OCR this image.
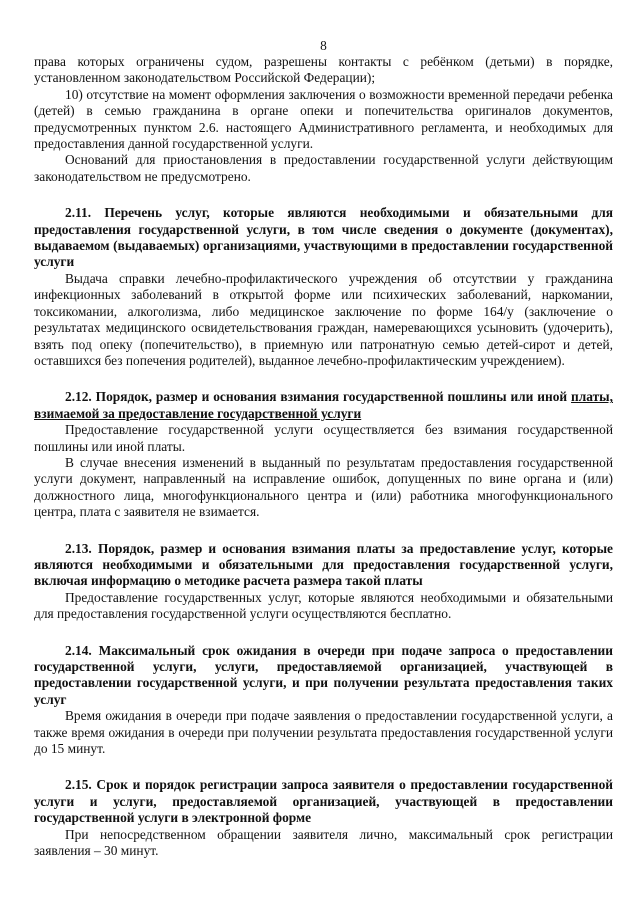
8

права которых ограничены судом, разрешены контакты с ребёнком (детьми) в порядке, установленном законодательством Российской Федерации);

10) отсутствие на момент оформления заключения о возможности временной передачи ребенка (детей) в семью гражданина в органе опеки и попечительства оригиналов документов, предусмотренных пунктом 2.6. настоящего Административного регламента, и необходимых для предоставления данной государственной услуги.

Оснований для приостановления в предоставлении государственной услуги действующим законодательством не предусмотрено.

2.11. Перечень услуг, которые являются необходимыми и обязательными для предоставления государственной услуги, в том числе сведения о документе (документах), выдаваемом (выдаваемых) организациями, участвующими в предоставлении государственной услуги

Выдача справки лечебно-профилактического учреждения об отсутствии у гражданина инфекционных заболеваний в открытой форме или психических заболеваний, наркомании, токсикомании, алкоголизма, либо медицинское заключение по форме 164/у (заключение о результатах медицинского освидетельствования граждан, намеревающихся усыновить (удочерить), взять под опеку (попечительство), в приемную или патронатную семью детей-сирот и детей, оставшихся без попечения родителей), выданное лечебно-профилактическим учреждением).

2.12. Порядок, размер и основания взимания государственной пошлины или иной платы, взимаемой за предоставление государственной услуги

Предоставление государственной услуги осуществляется без взимания государственной пошлины или иной платы.

В случае внесения изменений в выданный по результатам предоставления государственной услуги документ, направленный на исправление ошибок, допущенных по вине органа и (или) должностного лица, многофункционального центра и (или) работника многофункционального центра, плата с заявителя не взимается.

2.13. Порядок, размер и основания взимания платы за предоставление услуг, которые являются необходимыми и обязательными для предоставления государственной услуги, включая информацию о методике расчета размера такой платы

Предоставление государственных услуг, которые являются необходимыми и обязательными для предоставления государственной услуги осуществляются бесплатно.

2.14. Максимальный срок ожидания в очереди при подаче запроса о предоставлении государственной услуги, услуги, предоставляемой организацией, участвующей в предоставлении государственной услуги, и при получении результата предоставления таких услуг

Время ожидания в очереди при подаче заявления о предоставлении государственной услуги, а также время ожидания в очереди при получении результата предоставления государственной услуги до 15 минут.

2.15. Срок и порядок регистрации запроса заявителя о предоставлении государственной услуги и услуги, предоставляемой организацией, участвующей в предоставлении государственной услуги в электронной форме

При непосредственном обращении заявителя лично, максимальный срок регистрации заявления – 30 минут.
